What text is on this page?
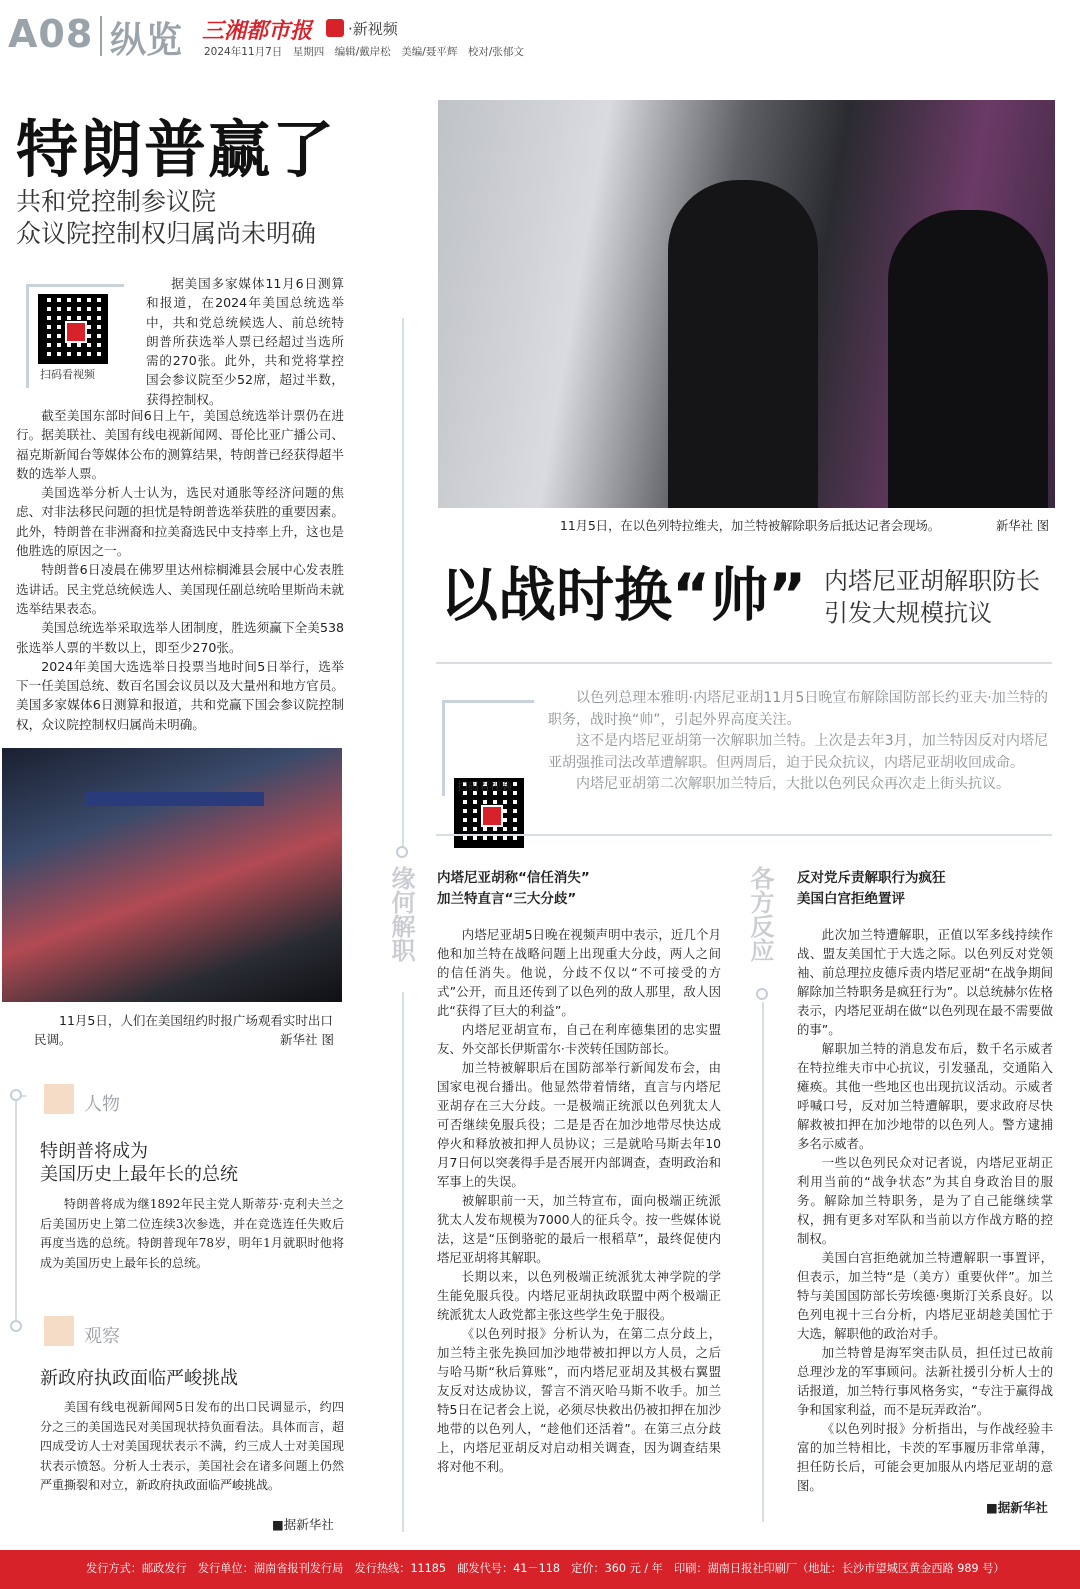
A08 纵览 三湘都市报 ·新视频
2024年11月7日　星期四　编辑/戴岸松　美编/聂平辉　校对/张郁文
特朗普赢了
共和党控制参议院
众议院控制权归属尚未明确
扫码看视频

据美国多家媒体11月6日测算和报道，在2024年美国总统选举中，共和党总统候选人、前总统特朗普所获选举人票已经超过当选所需的270张。此外，共和党将掌控国会参议院至少52席，超过半数，获得控制权。

截至美国东部时间6日上午，美国总统选举计票仍在进行。据美联社、美国有线电视新闻网、哥伦比亚广播公司、福克斯新闻台等媒体公布的测算结果，特朗普已经获得超半数的选举人票。

美国选举分析人士认为，选民对通胀等经济问题的焦虑、对非法移民问题的担忧是特朗普选举获胜的重要因素。此外，特朗普在非洲裔和拉美裔选民中支持率上升，这也是他胜选的原因之一。

特朗普6日凌晨在佛罗里达州棕榈滩县会展中心发表胜选讲话。民主党总统候选人、美国现任副总统哈里斯尚未就选举结果表态。

美国总统选举采取选举人团制度，胜选须赢下全美538张选举人票的半数以上，即至少270张。

2024年美国大选选举日投票当地时间5日举行，选举下一任美国总统、数百名国会议员以及大量州和地方官员。美国多家媒体6日测算和报道，共和党赢下国会参议院控制权，众议院控制权归属尚未明确。

11月5日，人们在美国纽约时报广场观看实时出口民调。	新华社 图
人物
特朗普将成为
美国历史上最年长的总统

特朗普将成为继1892年民主党人斯蒂芬·克利夫兰之后美国历史上第二位连续3次参选，并在竞选连任失败后再度当选的总统。特朗普现年78岁，明年1月就职时他将成为美国历史上最年长的总统。

观察
新政府执政面临严峻挑战

美国有线电视新闻网5日发布的出口民调显示，约四分之三的美国选民对美国现状持负面看法。具体而言，超四成受访人士对美国现状表示不满，约三成人士对美国现状表示愤怒。分析人士表示，美国社会在诸多问题上仍然严重撕裂和对立，新政府执政面临严峻挑战。

■据新华社
11月5日，在以色列特拉维夫，加兰特被解除职务后抵达记者会现场。	新华社 图
以战时换“帅” 内塔尼亚胡解职防长
引发大规模抗议
扫码看视频

以色列总理本雅明·内塔尼亚胡11月5日晚宣布解除国防部长约亚夫·加兰特的职务，战时换“帅”，引起外界高度关注。

这不是内塔尼亚胡第一次解职加兰特。上次是去年3月，加兰特因反对内塔尼亚胡强推司法改革遭解职。但两周后，迫于民众抗议，内塔尼亚胡收回成命。

内塔尼亚胡第二次解职加兰特后，大批以色列民众再次走上街头抗议。

缘何解职	各方反应
内塔尼亚胡称“信任消失”
加兰特直言“三大分歧”

内塔尼亚胡5日晚在视频声明中表示，近几个月他和加兰特在战略问题上出现重大分歧，两人之间的信任消失。他说，分歧不仅以“不可接受的方式”公开，而且还传到了以色列的敌人那里，敌人因此“获得了巨大的利益”。

内塔尼亚胡宣布，自己在利库德集团的忠实盟友、外交部长伊斯雷尔·卡茨转任国防部长。

加兰特被解职后在国防部举行新闻发布会，由国家电视台播出。他显然带着情绪，直言与内塔尼亚胡存在三大分歧。一是极端正统派以色列犹太人可否继续免服兵役；二是是否在加沙地带尽快达成停火和释放被扣押人员协议；三是就哈马斯去年10月7日何以突袭得手是否展开内部调查，查明政治和军事上的失误。

被解职前一天，加兰特宣布，面向极端正统派犹太人发布规模为7000人的征兵令。按一些媒体说法，这是“压倒骆驼的最后一根稻草”，最终促使内塔尼亚胡将其解职。

长期以来，以色列极端正统派犹太神学院的学生能免服兵役。内塔尼亚胡执政联盟中两个极端正统派犹太人政党都主张这些学生免于服役。

《以色列时报》分析认为，在第二点分歧上，加兰特主张先换回加沙地带被扣押以方人员，之后与哈马斯“秋后算账”，而内塔尼亚胡及其极右翼盟友反对达成协议，誓言不消灭哈马斯不收手。加兰特5日在记者会上说，必须尽快救出仍被扣押在加沙地带的以色列人，“趁他们还活着”。在第三点分歧上，内塔尼亚胡反对启动相关调查，因为调查结果将对他不利。

反对党斥责解职行为疯狂
美国白宫拒绝置评

此次加兰特遭解职，正值以军多线持续作战、盟友美国忙于大选之际。以色列反对党领袖、前总理拉皮德斥责内塔尼亚胡“在战争期间解除加兰特职务是疯狂行为”。以总统赫尔佐格表示，内塔尼亚胡在做“以色列现在最不需要做的事”。

解职加兰特的消息发布后，数千名示威者在特拉维夫市中心抗议，引发骚乱，交通陷入瘫痪。其他一些地区也出现抗议活动。示威者呼喊口号，反对加兰特遭解职，要求政府尽快解救被扣押在加沙地带的以色列人。警方逮捕多名示威者。

一些以色列民众对记者说，内塔尼亚胡正利用当前的“战争状态”为其自身政治目的服务。解除加兰特职务，是为了自己能继续掌权，拥有更多对军队和当前以方作战方略的控制权。

美国白宫拒绝就加兰特遭解职一事置评，但表示，加兰特“是（美方）重要伙伴”。加兰特与美国国防部长劳埃德·奥斯汀关系良好。以色列电视十三台分析，内塔尼亚胡趁美国忙于大选，解职他的政治对手。

加兰特曾是海军突击队员，担任过已故前总理沙龙的军事顾问。法新社援引分析人士的话报道，加兰特行事风格务实，“专注于赢得战争和国家利益，而不是玩弄政治”。

《以色列时报》分析指出，与作战经验丰富的加兰特相比，卡茨的军事履历非常单薄，担任防长后，可能会更加服从内塔尼亚胡的意图。

■据新华社
发行方式：邮政发行　发行单位：湖南省报刊发行局　发行热线：11185　邮发代号：41－118　定价：360 元 / 年　印刷：湖南日报社印刷厂（地址：长沙市望城区黄金西路 989 号）
